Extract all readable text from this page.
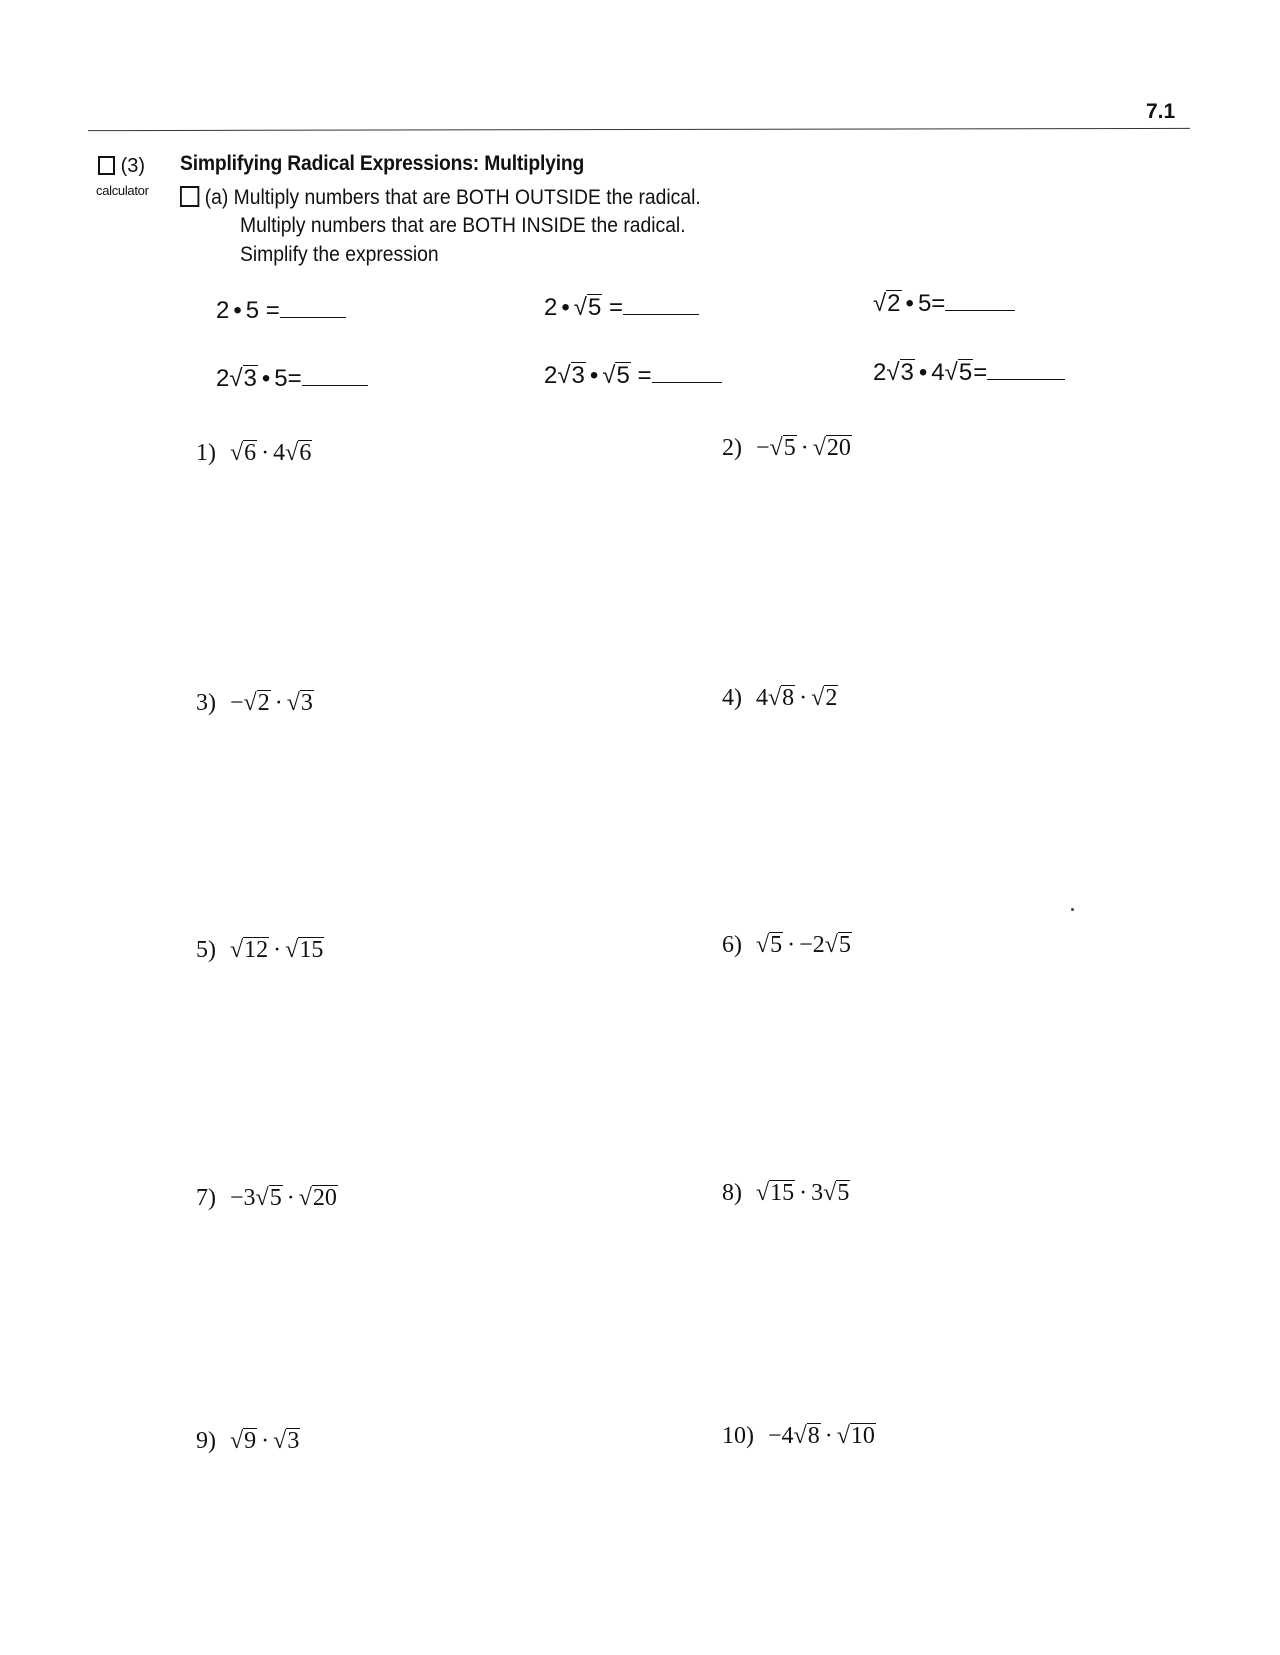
7.1
(3)
calculator
Simplifying Radical Expressions: Multiplying
(a) Multiply numbers that are BOTH OUTSIDE the radical.
Multiply numbers that are BOTH INSIDE the radical.
Simplify the expression
2 • 5 =	2 • √5 =	√2 • 5=
2√3 • 5=	2√3 • √5 =	2√3 • 4√5=
1) √6 · 4√6	2) −√5 · √20
3) −√2 · √3	4) 4√8 · √2
5) √12 · √15	6) √5 · −2√5
7) −3√5 · √20	8) √15 · 3√5
9) √9 · √3	10) −4√8 · √10
